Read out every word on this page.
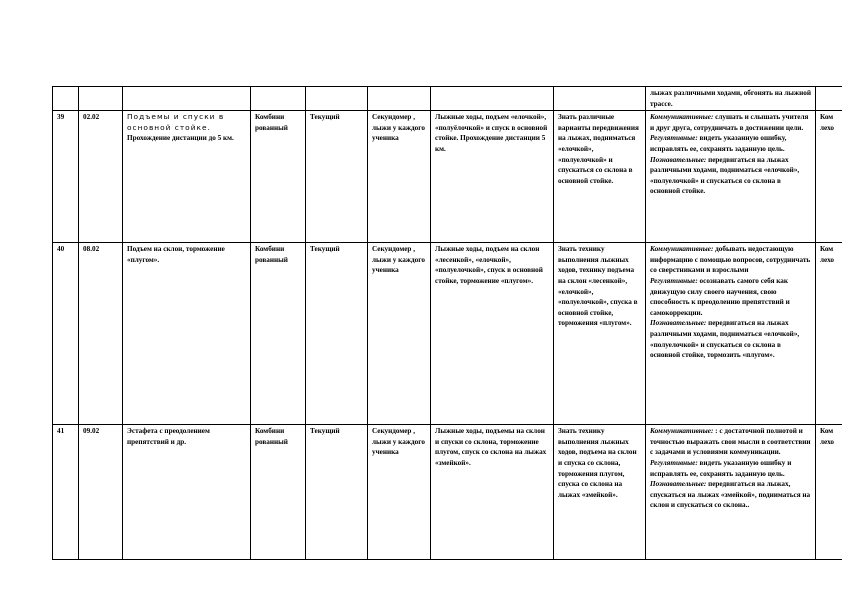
								лыжах различными ходами, обгонять на лыжной трассе.	
39	02.02	Подъемы и спуски в основной стойке.
Прохождение дистанции до 5 км.	Комбини рованный	Текущий	Секундомер , лыжи у каждого ученика	Лыжные ходы, подъем «елочкой», «полуёлочкой» и спуск в основной стойке. Прохождение дистанции 5 км.	Знать различные варианты передвижения на лыжах, подниматься «елочкой», «полуелочкой» и спускаться со склона в основной стойке.	Коммуникативные: слушать и слышать учителя и друг друга, сотрудничать в достижении цели.
Регулятивные: видеть указанную ошибку, исправлять ее, сохранять заданную цель.
Познавательные: передвигаться на лыжах различными ходами, подниматься «елочкой», «полуелочкой» и спускаться со склона в основной стойке.	Ком лехо
40	08.02	Подъем на склон, торможение «плугом».	Комбини рованный	Текущий	Секундомер , лыжи у каждого ученика	Лыжные ходы, подъем на склон «лесенкой», «елочкой», «полуелочкой», спуск в основной стойке, торможение «плугом».	Знать технику выполнения лыжных ходов, технику подъема на склон «лесенкой», «елочкой», «полуелочкой», спуска в основной стойке, торможения «плугом».	Коммуникативные: добывать недостающую информацию с помощью вопросов, сотрудничать со сверстниками и взрослыми
Регулятивные: осознавать самого себя как движущую силу своего научения, свою способность к преодолению препятствий и самокоррекции.
Познавательные: передвигаться на лыжах различными ходами, подниматься «елочкой», «полуелочкой» и спускаться со склона в основной стойке, тормозить «плугом».	Ком лехо
41	09.02	Эстафета с преодолением препятствий и др.	Комбини рованный	Текущий	Секундомер , лыжи у каждого ученика	Лыжные ходы, подъемы на склон и спуски со склона, торможение плугом, спуск со склона на лыжах «змейкой».	Знать технику выполнения лыжных ходов, подъема на склон и спуска со склона, торможения плугом, спуска со склона на лыжах «змейкой».	Коммуникативные: : с достаточной полнотой и точностью выражать свои мысли в соответствии с задачами и условиями коммуникации.
Регулятивные: видеть указанную ошибку и исправлять ее, сохранять заданную цель.
Познавательные: передвигаться на лыжах, спускаться на лыжах «змейкой», подниматься на склон и спускаться со склона..	Ком лехо
